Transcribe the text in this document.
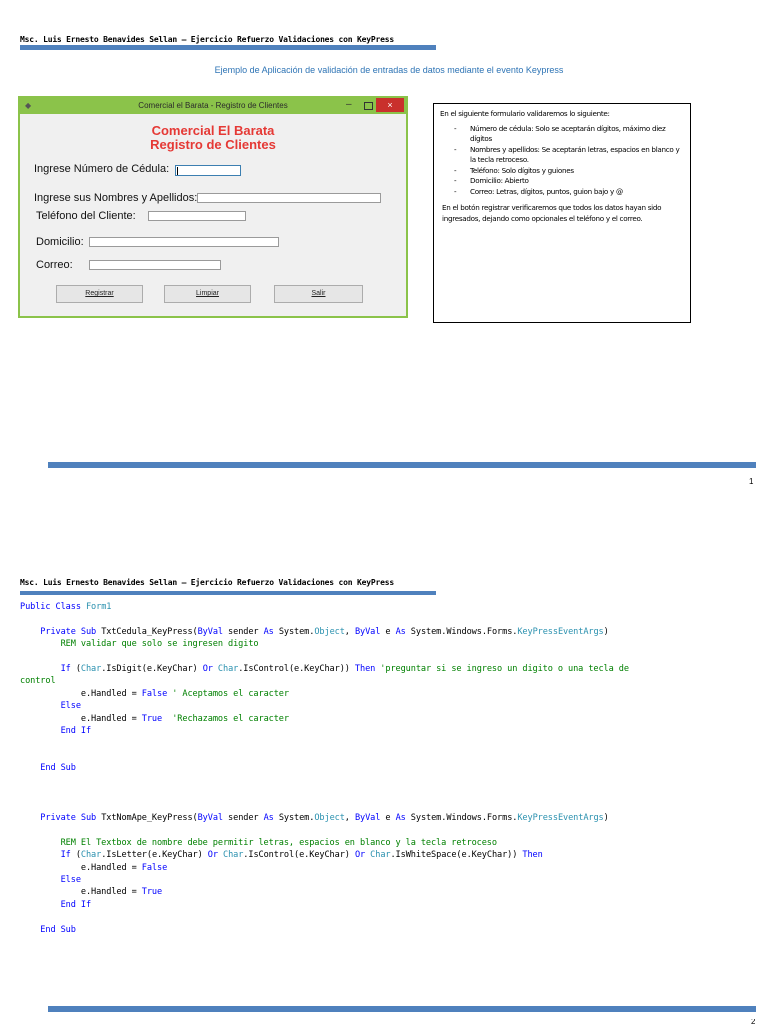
Msc. Luis Ernesto Benavides Sellan – Ejercicio Refuerzo Validaciones con KeyPress
Ejemplo de Aplicación de validación de entradas de datos mediante el evento Keypress
◆	Comercial el Barata - Registro de Clientes	–	×
Comercial El Barata
Registro de Clientes
Ingrese Número de Cédula:
Ingrese sus Nombres y Apellidos:
Teléfono del Cliente:
Domicilio:
Correo:
Registrar	Limpiar	Salir
En el siguiente formulario validaremos lo siguiente:
- Número de cédula: Solo se aceptarán dígitos, máximo diez dígitos
- Nombres y apellidos: Se aceptarán letras, espacios en blanco y la tecla retroceso.
- Teléfono: Solo dígitos y guiones
- Domicilio: Abierto
- Correo: Letras, dígitos, puntos, guion bajo y @
En el botón registrar verificaremos que todos los datos hayan sido ingresados, dejando como opcionales el teléfono y el correo.
1
Msc. Luis Ernesto Benavides Sellan – Ejercicio Refuerzo Validaciones con KeyPress
Public Class Form1

Private Sub TxtCedula_KeyPress(ByVal sender As System.Object, ByVal e As System.Windows.Forms.KeyPressEventArgs)
REM validar que solo se ingresen digito

If (Char.IsDigit(e.KeyChar) Or Char.IsControl(e.KeyChar)) Then 'preguntar si se ingreso un digito o una tecla de
control
e.Handled = False ' Aceptamos el caracter
Else
e.Handled = True  'Rechazamos el caracter
End If

End Sub

Private Sub TxtNomApe_KeyPress(ByVal sender As System.Object, ByVal e As System.Windows.Forms.KeyPressEventArgs)

REM El Textbox de nombre debe permitir letras, espacios en blanco y la tecla retroceso
If (Char.IsLetter(e.KeyChar) Or Char.IsControl(e.KeyChar) Or Char.IsWhiteSpace(e.KeyChar)) Then
e.Handled = False
Else
e.Handled = True
End If

End Sub
2
